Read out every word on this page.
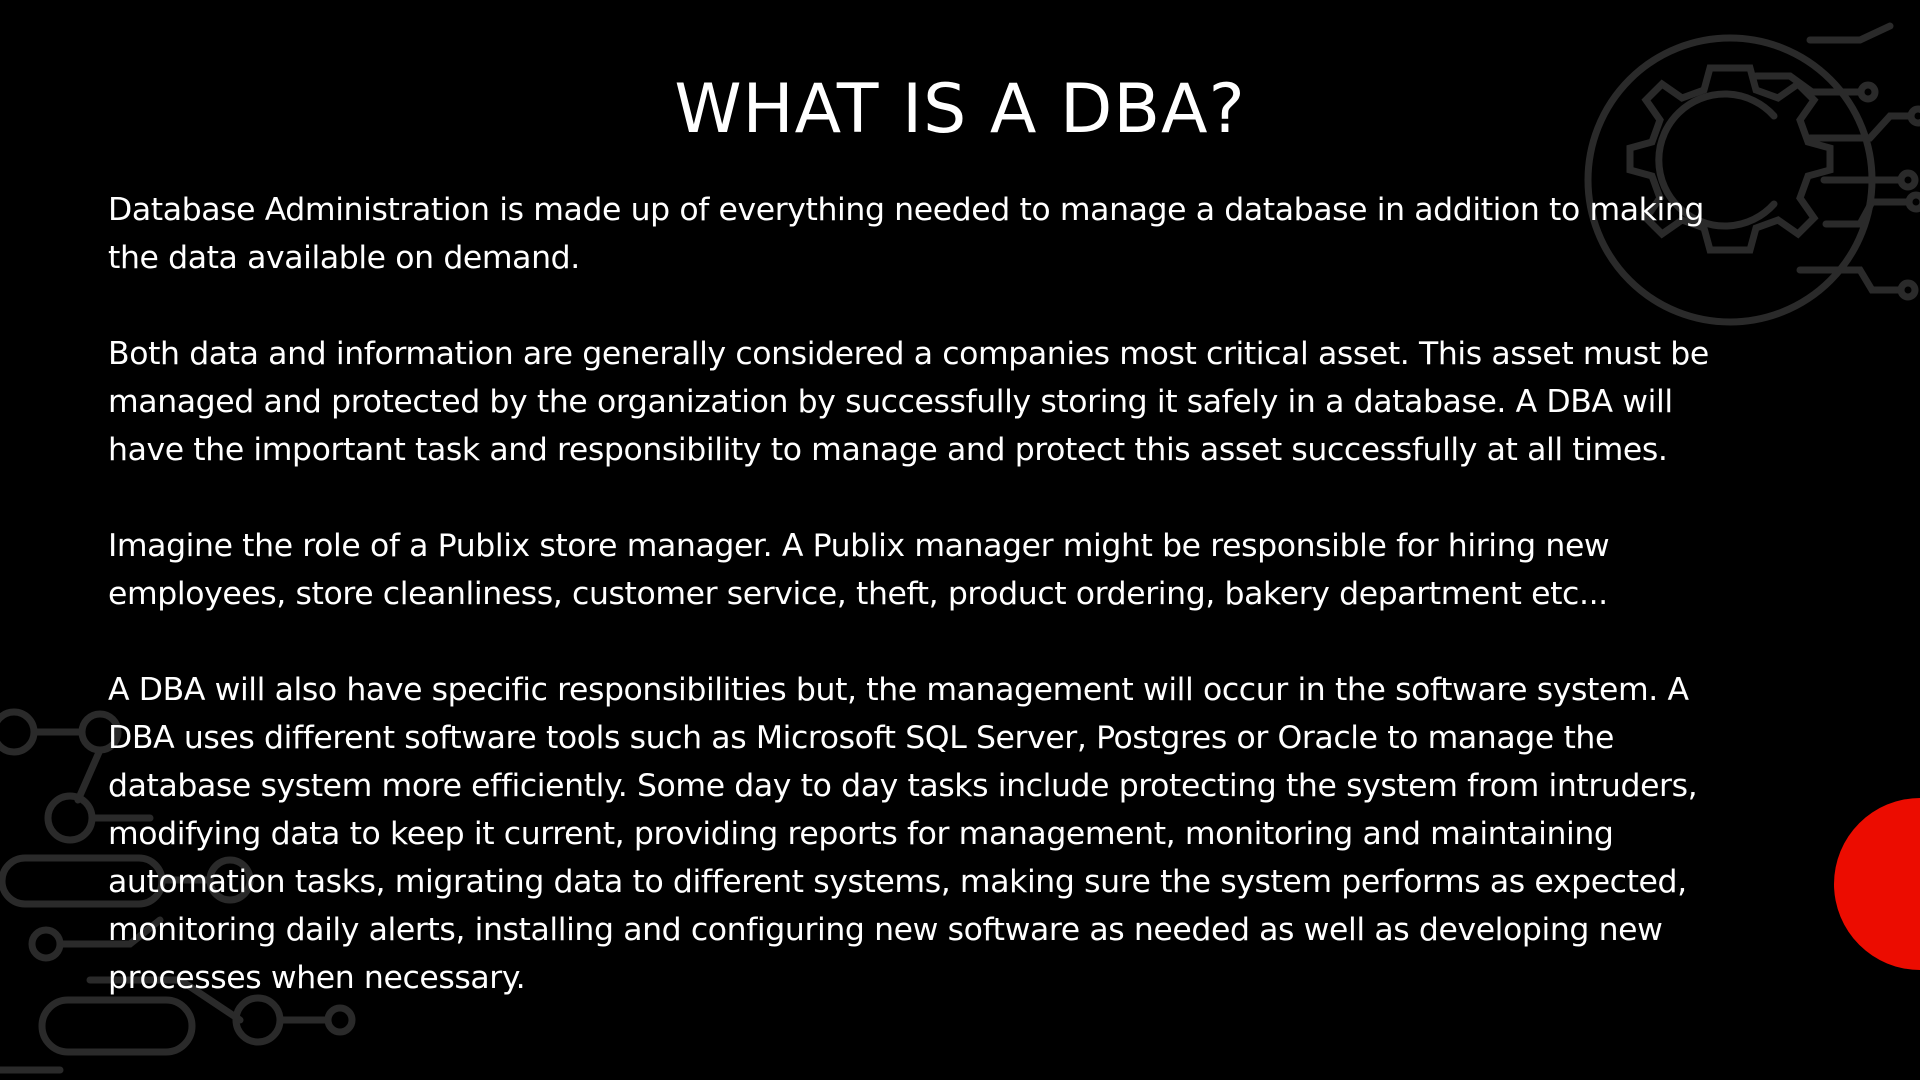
WHAT IS A DBA?

Database Administration is made up of everything needed to manage a database in addition to making
the data available on demand.

Both data and information are generally considered a companies most critical asset. This asset must be
managed and protected by the organization by successfully storing it safely in a database. A DBA will
have the important task and responsibility to manage and protect this asset successfully at all times.

Imagine the role of a Publix store manager. A Publix manager might be responsible for hiring new
employees, store cleanliness, customer service, theft, product ordering, bakery department etc...

A DBA will also have specific responsibilities but, the management will occur in the software system. A
DBA uses different software tools such as Microsoft SQL Server, Postgres or Oracle to manage the
database system more efficiently. Some day to day tasks include protecting the system from intruders,
modifying data to keep it current, providing reports for management, monitoring and maintaining
automation tasks, migrating data to different systems, making sure the system performs as expected,
monitoring daily alerts, installing and configuring new software as needed as well as developing new
processes when necessary.
